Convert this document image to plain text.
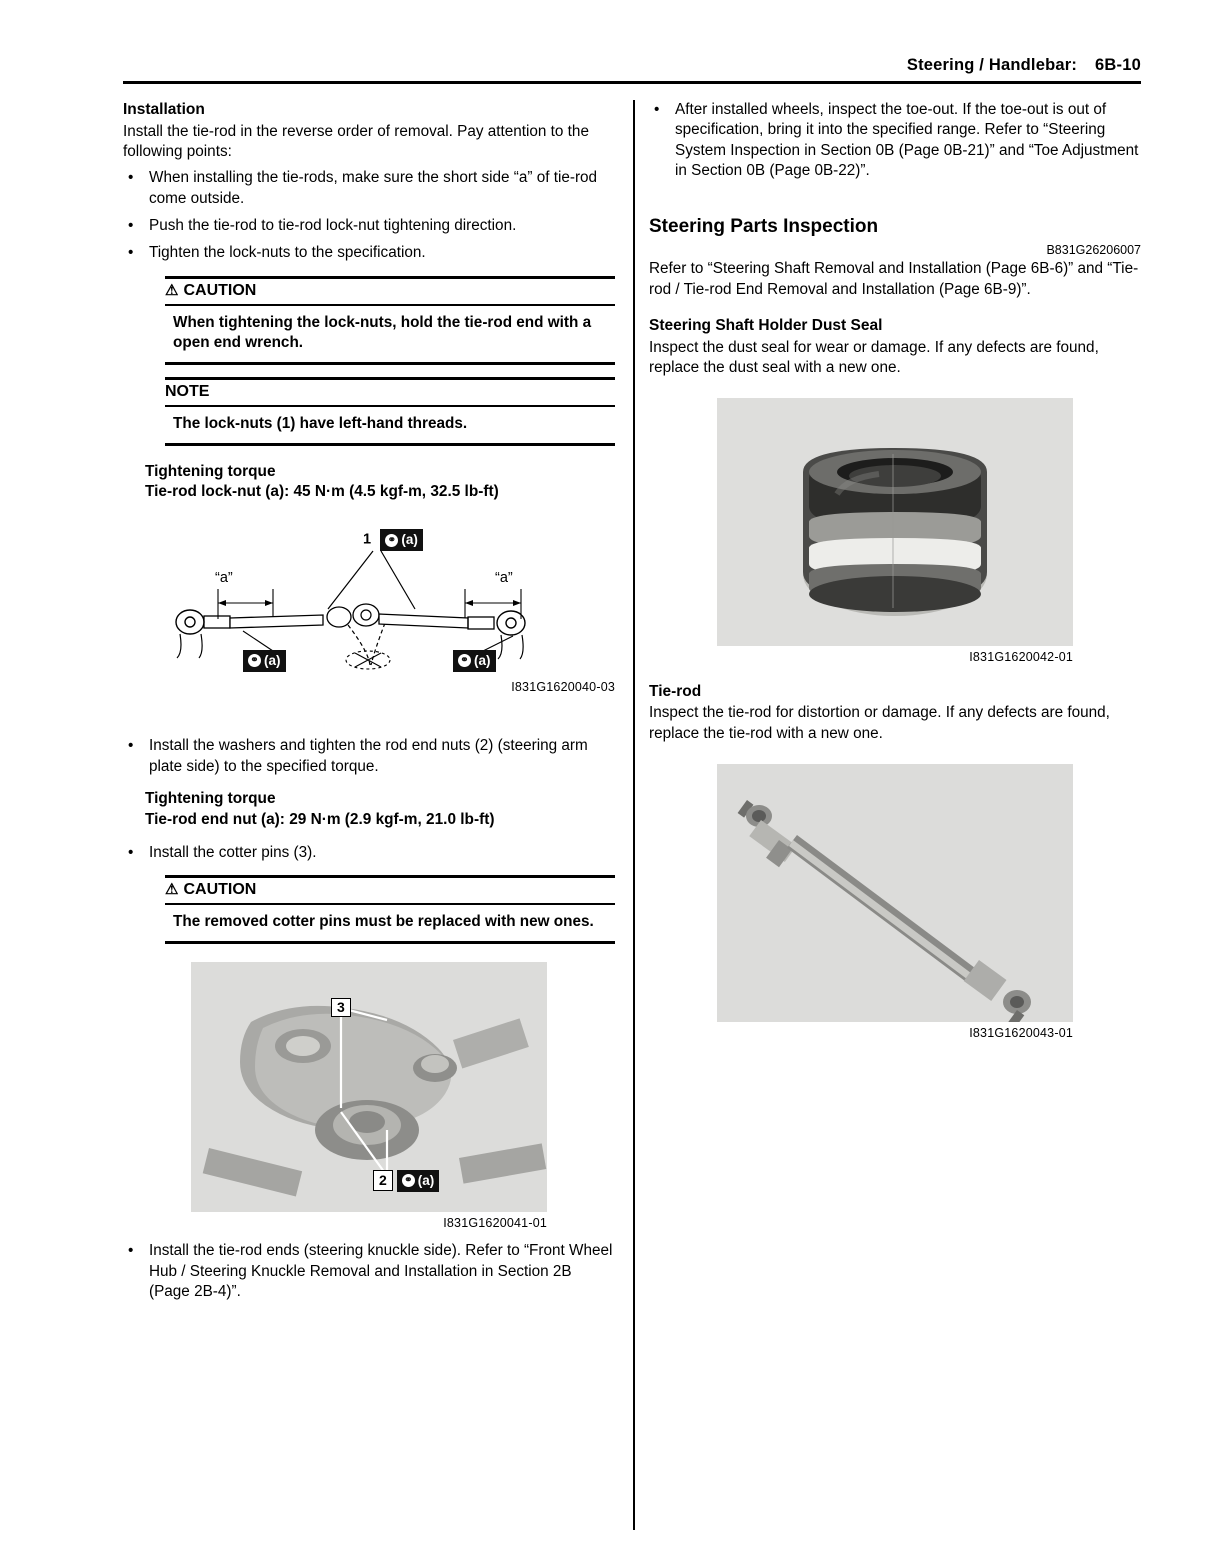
Steering / Handlebar: 6B-10
Installation

Install the tie-rod in the reverse order of removal. Pay attention to the following points:

• When installing the tie-rods, make sure the short side “a” of tie-rod come outside.
• Push the tie-rod to tie-rod lock-nut tightening direction.
• Tighten the lock-nuts to the specification.
⚠ CAUTION
When tightening the lock-nuts, hold the tie-rod end with a open end wrench.
NOTE
The lock-nuts (1) have left-hand threads.
Tightening torque
Tie-rod lock-nut (a): 45 N·m (4.5 kgf-m, 32.5 lb-ft)
1 ⚭ (a)
“a”	“a”
⚭ (a)	⚭ (a)
I831G1620040-03
• Install the washers and tighten the rod end nuts (2) (steering arm plate side) to the specified torque.
Tightening torque
Tie-rod end nut (a): 29 N·m (2.9 kgf-m, 21.0 lb-ft)
• Install the cotter pins (3).
⚠ CAUTION
The removed cotter pins must be replaced with new ones.
3
2	⚭ (a)
I831G1620041-01
• Install the tie-rod ends (steering knuckle side). Refer to “Front Wheel Hub / Steering Knuckle Removal and Installation in Section 2B (Page 2B-4)”.
• After installed wheels, inspect the toe-out. If the toe-out is out of specification, bring it into the specified range. Refer to “Steering System Inspection in Section 0B (Page 0B-21)” and “Toe Adjustment in Section 0B (Page 0B-22)”.
Steering Parts Inspection
B831G26206007

Refer to “Steering Shaft Removal and Installation (Page 6B-6)” and “Tie-rod / Tie-rod End Removal and Installation (Page 6B-9)”.

Steering Shaft Holder Dust Seal

Inspect the dust seal for wear or damage. If any defects are found, replace the dust seal with a new one.

I831G1620042-01
Tie-rod

Inspect the tie-rod for distortion or damage. If any defects are found, replace the tie-rod with a new one.

I831G1620043-01
